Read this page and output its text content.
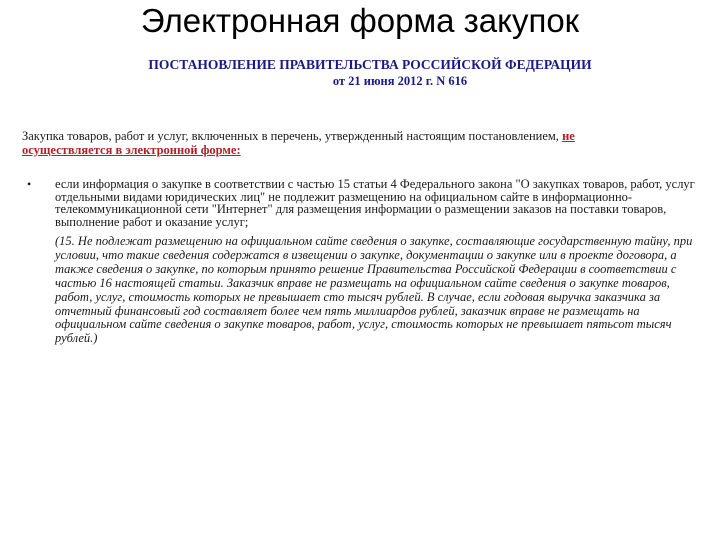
Электронная форма закупок
ПОСТАНОВЛЕНИЕ ПРАВИТЕЛЬСТВА РОССИЙСКОЙ ФЕДЕРАЦИИ
от 21 июня 2012 г. N 616
Закупка товаров, работ и услуг, включенных в перечень, утвержденный настоящим постановлением, не осуществляется в электронной форме:
• если информация о закупке в соответствии с частью 15 статьи 4 Федерального закона "О закупках товаров, работ, услуг отдельными видами юридических лиц" не подлежит размещению на официальном сайте в информационно-телекоммуникационной сети "Интернет" для размещения информации о размещении заказов на поставки товаров, выполнение работ и оказание услуг;
(15. Не подлежат размещению на официальном сайте сведения о закупке, составляющие государственную тайну, при условии, что такие сведения содержатся в извещении о закупке, документации о закупке или в проекте договора, а также сведения о закупке, по которым принято решение Правительства Российской Федерации в соответствии с частью 16 настоящей статьи. Заказчик вправе не размещать на официальном сайте сведения о закупке товаров, работ, услуг, стоимость которых не превышает сто тысяч рублей. В случае, если годовая выручка заказчика за отчетный финансовый год составляет более чем пять миллиардов рублей, заказчик вправе не размещать на официальном сайте сведения о закупке товаров, работ, услуг, стоимость которых не превышает пятьсот тысяч рублей.)
